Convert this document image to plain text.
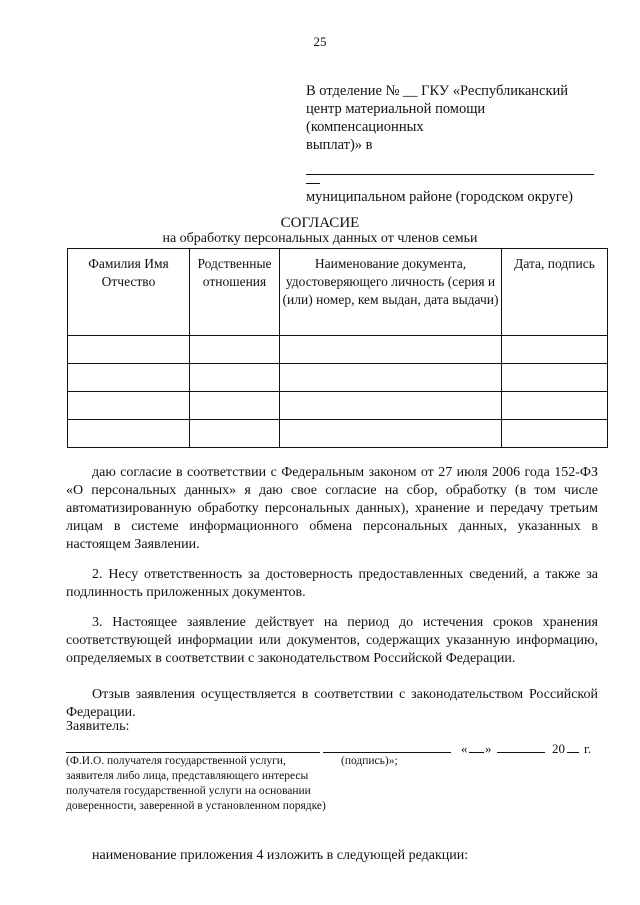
25
В отделение № __ ГКУ «Республиканский
центр материальной помощи
(компенсационных
выплат)» в
муниципальном районе (городском округе)
СОГЛАСИЕ
на обработку персональных данных от членов семьи
Фамилия Имя Отчество	Родственные отношения	Наименование документа, удостоверяющего личность (серия и (или) номер, кем выдан, дата выдачи)	Дата, подпись

даю согласие в соответствии с Федеральным законом от 27 июля 2006 года 152-ФЗ «О персональных данных» я даю свое согласие на сбор, обработку (в том числе автоматизированную обработку персональных данных), хранение и передачу третьим лицам в системе информационного обмена персональных данных, указанных в настоящем Заявлении.
2. Несу ответственность за достоверность предоставленных сведений, а также за подлинность приложенных документов.
3. Настоящее заявление действует на период до истечения сроков хранения соответствующей информации или документов, содержащих указанную информацию, определяемых в соответствии с законодательством Российской Федерации.
Отзыв заявления осуществляется в соответствии с законодательством Российской Федерации.
Заявитель:
« »	20 г.
(Ф.И.О. получателя государственной услуги, заявителя либо лица, представляющего интересы получателя государственной услуги на основании доверенности, заверенной в установленном порядке)
(подпись)»;
наименование приложения 4 изложить в следующей редакции:
